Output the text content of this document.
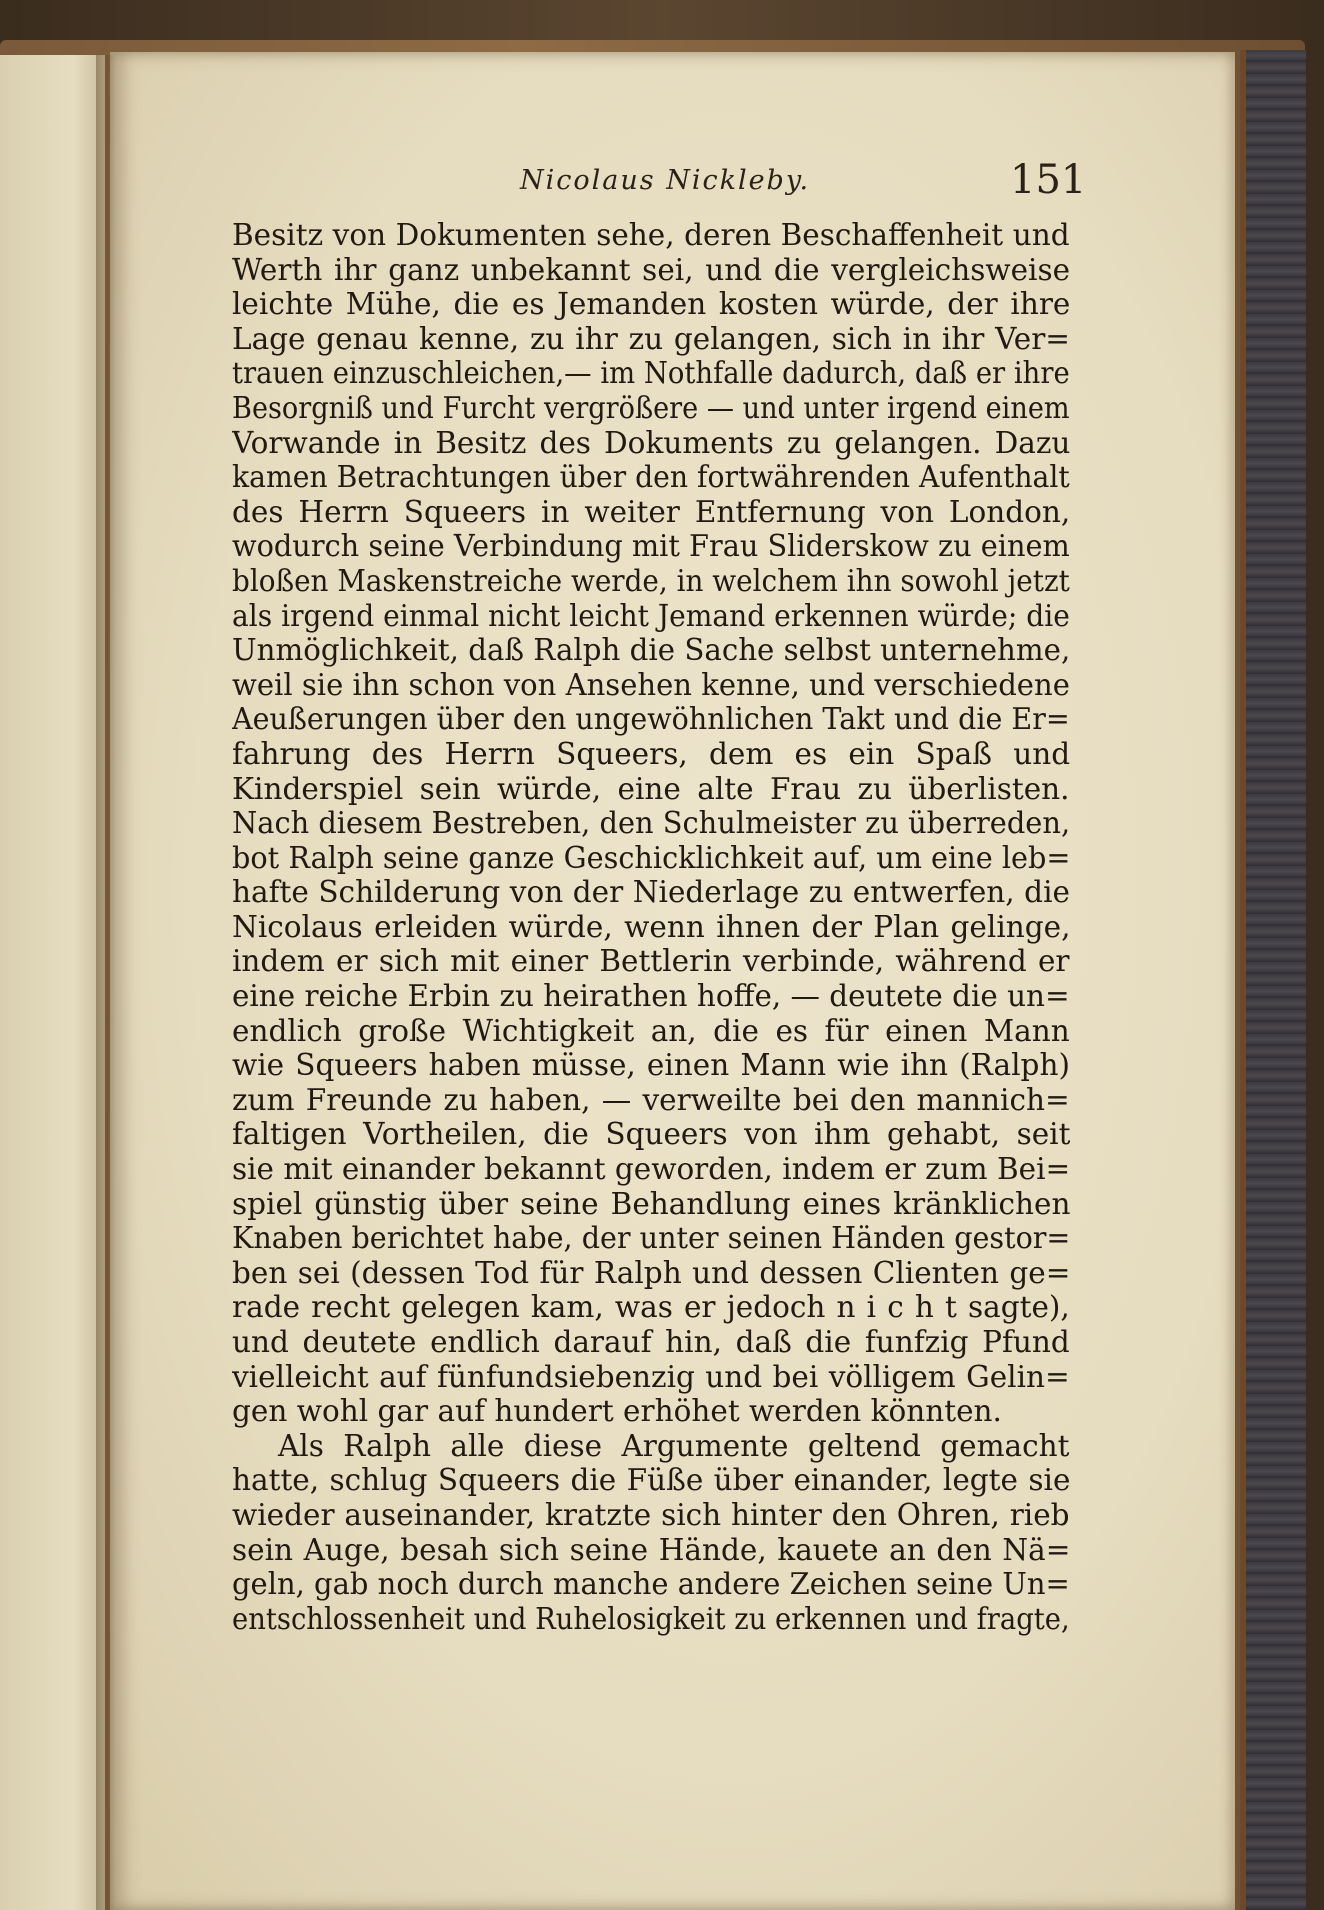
Nicolaus Nickleby.	151
Besitz von Dokumenten sehe, deren Beschaffenheit und
Werth ihr ganz unbekannt sei, und die vergleichsweise
leichte Mühe, die es Jemanden kosten würde, der ihre
Lage genau kenne, zu ihr zu gelangen, sich in ihr Ver=
trauen einzuschleichen,— im Nothfalle dadurch, daß er ihre
Besorgniß und Furcht vergrößere — und unter irgend einem
Vorwande in Besitz des Dokuments zu gelangen. Dazu
kamen Betrachtungen über den fortwährenden Aufenthalt
des Herrn Squeers in weiter Entfernung von London,
wodurch seine Verbindung mit Frau Sliderskow zu einem
bloßen Maskenstreiche werde, in welchem ihn sowohl jetzt
als irgend einmal nicht leicht Jemand erkennen würde; die
Unmöglichkeit, daß Ralph die Sache selbst unternehme,
weil sie ihn schon von Ansehen kenne, und verschiedene
Aeußerungen über den ungewöhnlichen Takt und die Er=
fahrung des Herrn Squeers, dem es ein Spaß und
Kinderspiel sein würde, eine alte Frau zu überlisten.
Nach diesem Bestreben, den Schulmeister zu überreden,
bot Ralph seine ganze Geschicklichkeit auf, um eine leb=
hafte Schilderung von der Niederlage zu entwerfen, die
Nicolaus erleiden würde, wenn ihnen der Plan gelinge,
indem er sich mit einer Bettlerin verbinde, während er
eine reiche Erbin zu heirathen hoffe, — deutete die un=
endlich große Wichtigkeit an, die es für einen Mann
wie Squeers haben müsse, einen Mann wie ihn (Ralph)
zum Freunde zu haben, — verweilte bei den mannich=
faltigen Vortheilen, die Squeers von ihm gehabt, seit
sie mit einander bekannt geworden, indem er zum Bei=
spiel günstig über seine Behandlung eines kränklichen
Knaben berichtet habe, der unter seinen Händen gestor=
ben sei (dessen Tod für Ralph und dessen Clienten ge=
rade recht gelegen kam, was er jedoch n i c h t sagte),
und deutete endlich darauf hin, daß die funfzig Pfund
vielleicht auf fünfundsiebenzig und bei völligem Gelin=
gen wohl gar auf hundert erhöhet werden könnten.
Als Ralph alle diese Argumente geltend gemacht
hatte, schlug Squeers die Füße über einander, legte sie
wieder auseinander, kratzte sich hinter den Ohren, rieb
sein Auge, besah sich seine Hände, kauete an den Nä=
geln, gab noch durch manche andere Zeichen seine Un=
entschlossenheit und Ruhelosigkeit zu erkennen und fragte,
